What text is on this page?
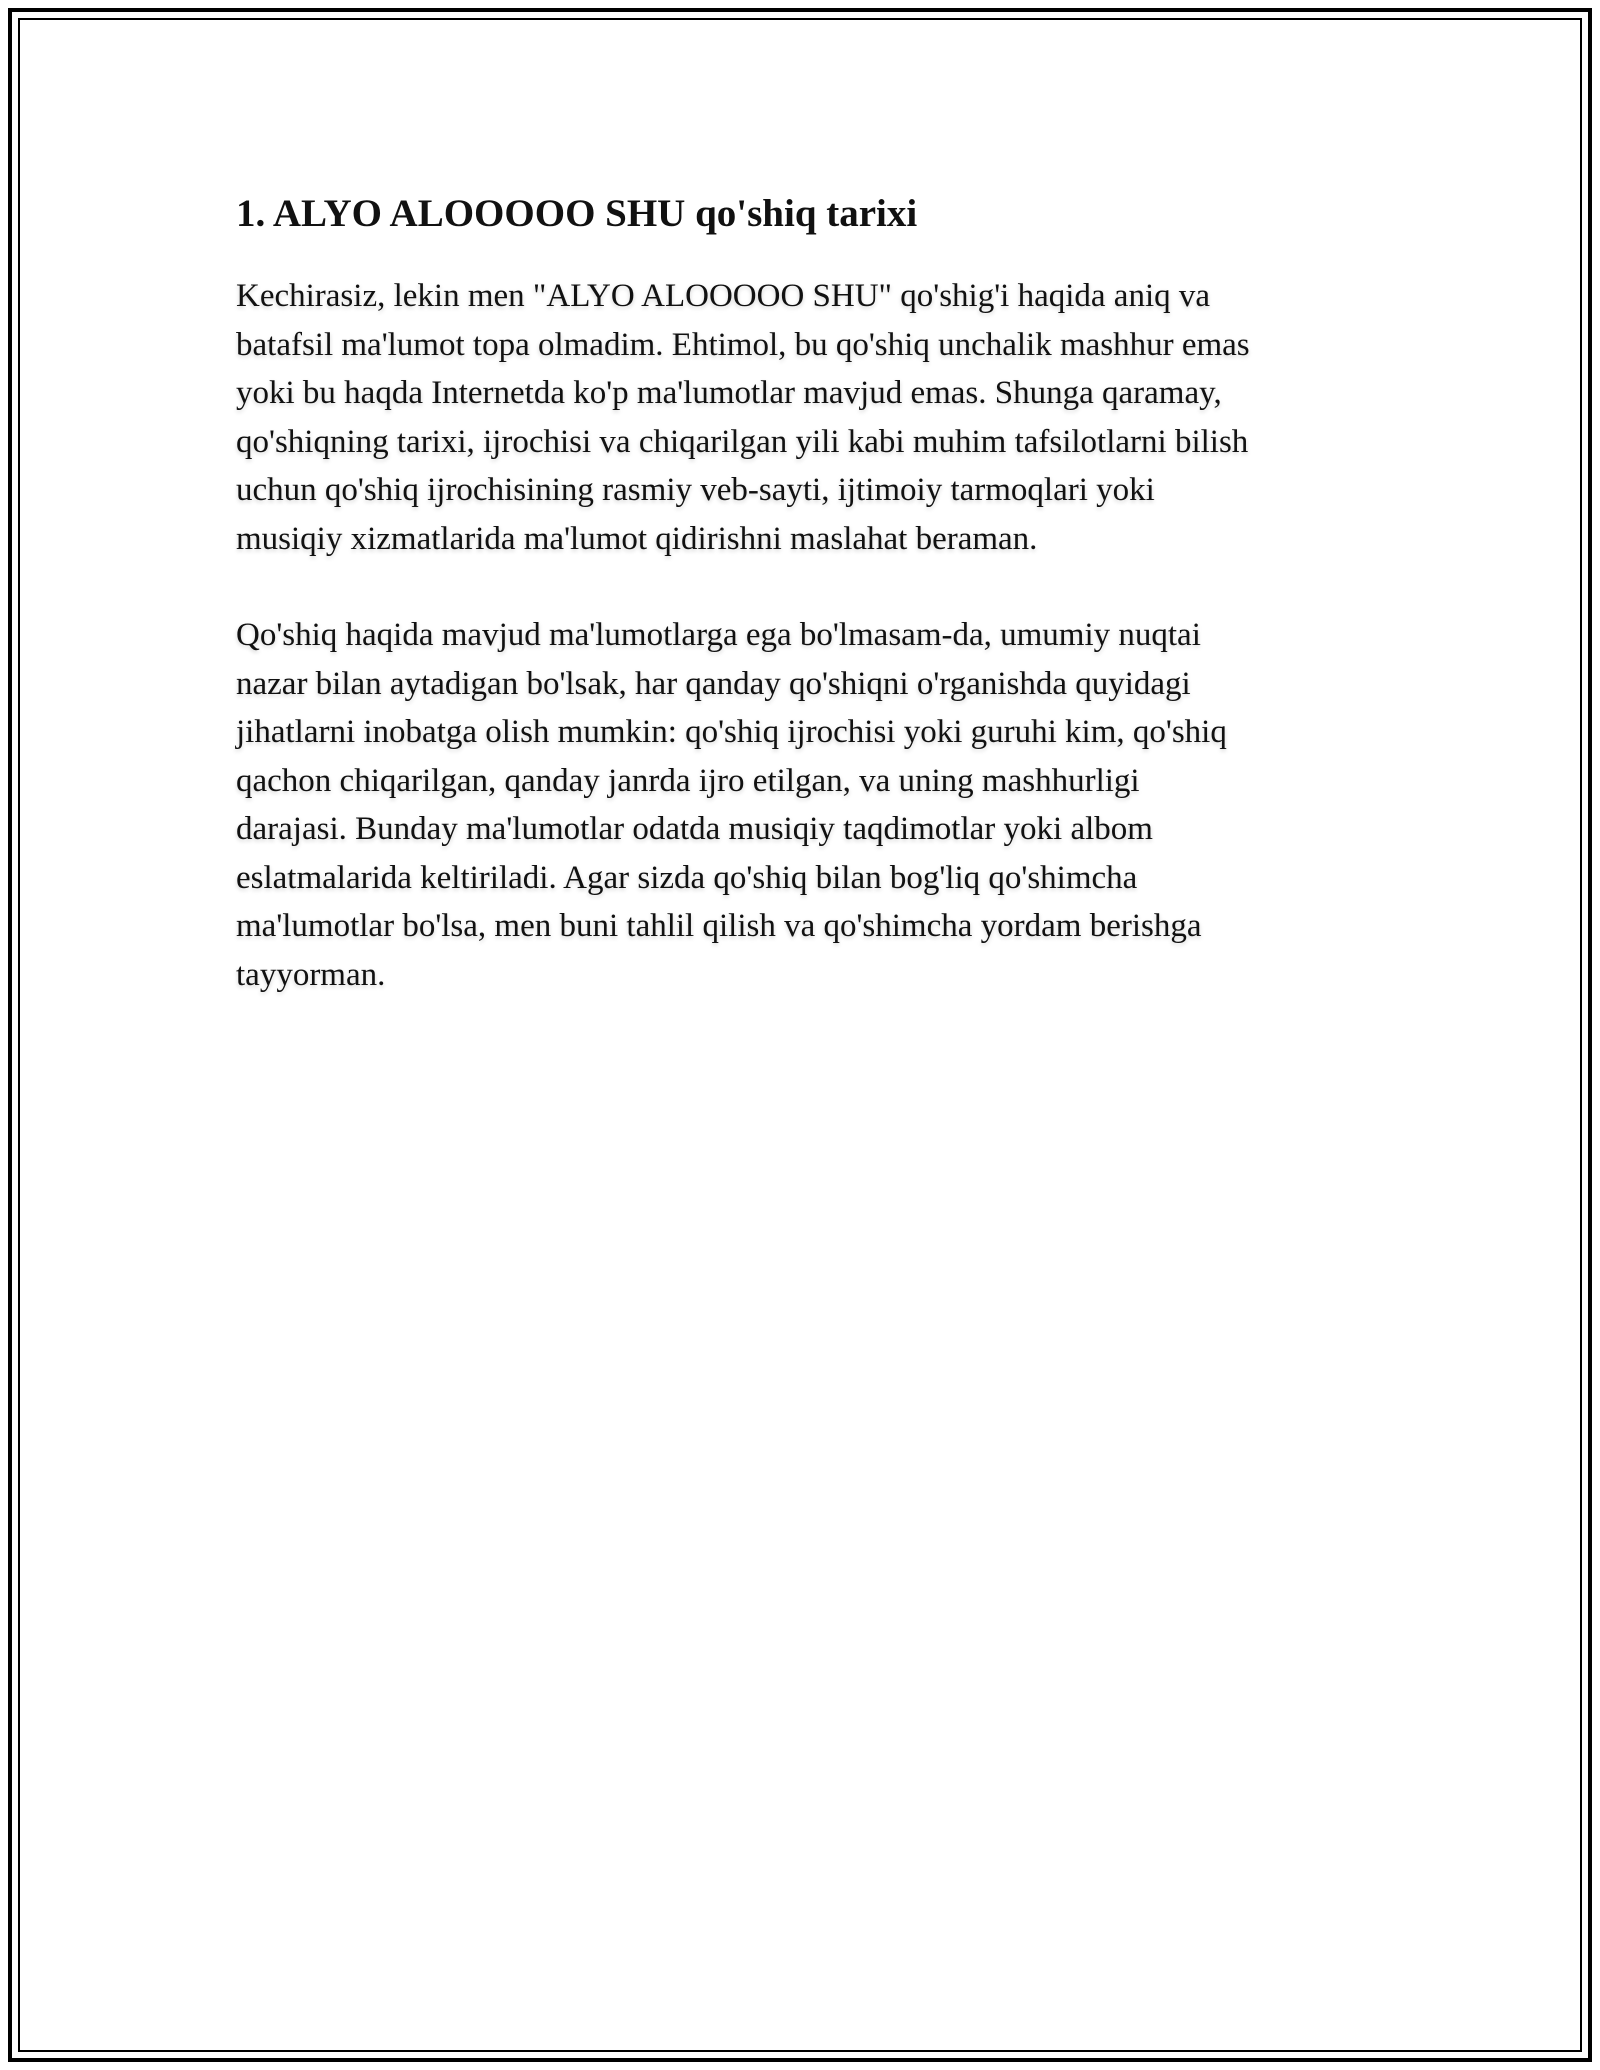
1. ALYO ALOOOOO SHU qo'shiq tarixi

Kechirasiz, lekin men "ALYO ALOOOOO SHU" qo'shig'i haqida aniq va
batafsil ma'lumot topa olmadim. Ehtimol, bu qo'shiq unchalik mashhur emas
yoki bu haqda Internetda ko'p ma'lumotlar mavjud emas. Shunga qaramay,
qo'shiqning tarixi, ijrochisi va chiqarilgan yili kabi muhim tafsilotlarni bilish
uchun qo'shiq ijrochisining rasmiy veb-sayti, ijtimoiy tarmoqlari yoki
musiqiy xizmatlarida ma'lumot qidirishni maslahat beraman.

Qo'shiq haqida mavjud ma'lumotlarga ega bo'lmasam-da, umumiy nuqtai
nazar bilan aytadigan bo'lsak, har qanday qo'shiqni o'rganishda quyidagi
jihatlarni inobatga olish mumkin: qo'shiq ijrochisi yoki guruhi kim, qo'shiq
qachon chiqarilgan, qanday janrda ijro etilgan, va uning mashhurligi
darajasi. Bunday ma'lumotlar odatda musiqiy taqdimotlar yoki albom
eslatmalarida keltiriladi. Agar sizda qo'shiq bilan bog'liq qo'shimcha
ma'lumotlar bo'lsa, men buni tahlil qilish va qo'shimcha yordam berishga
tayyorman.
